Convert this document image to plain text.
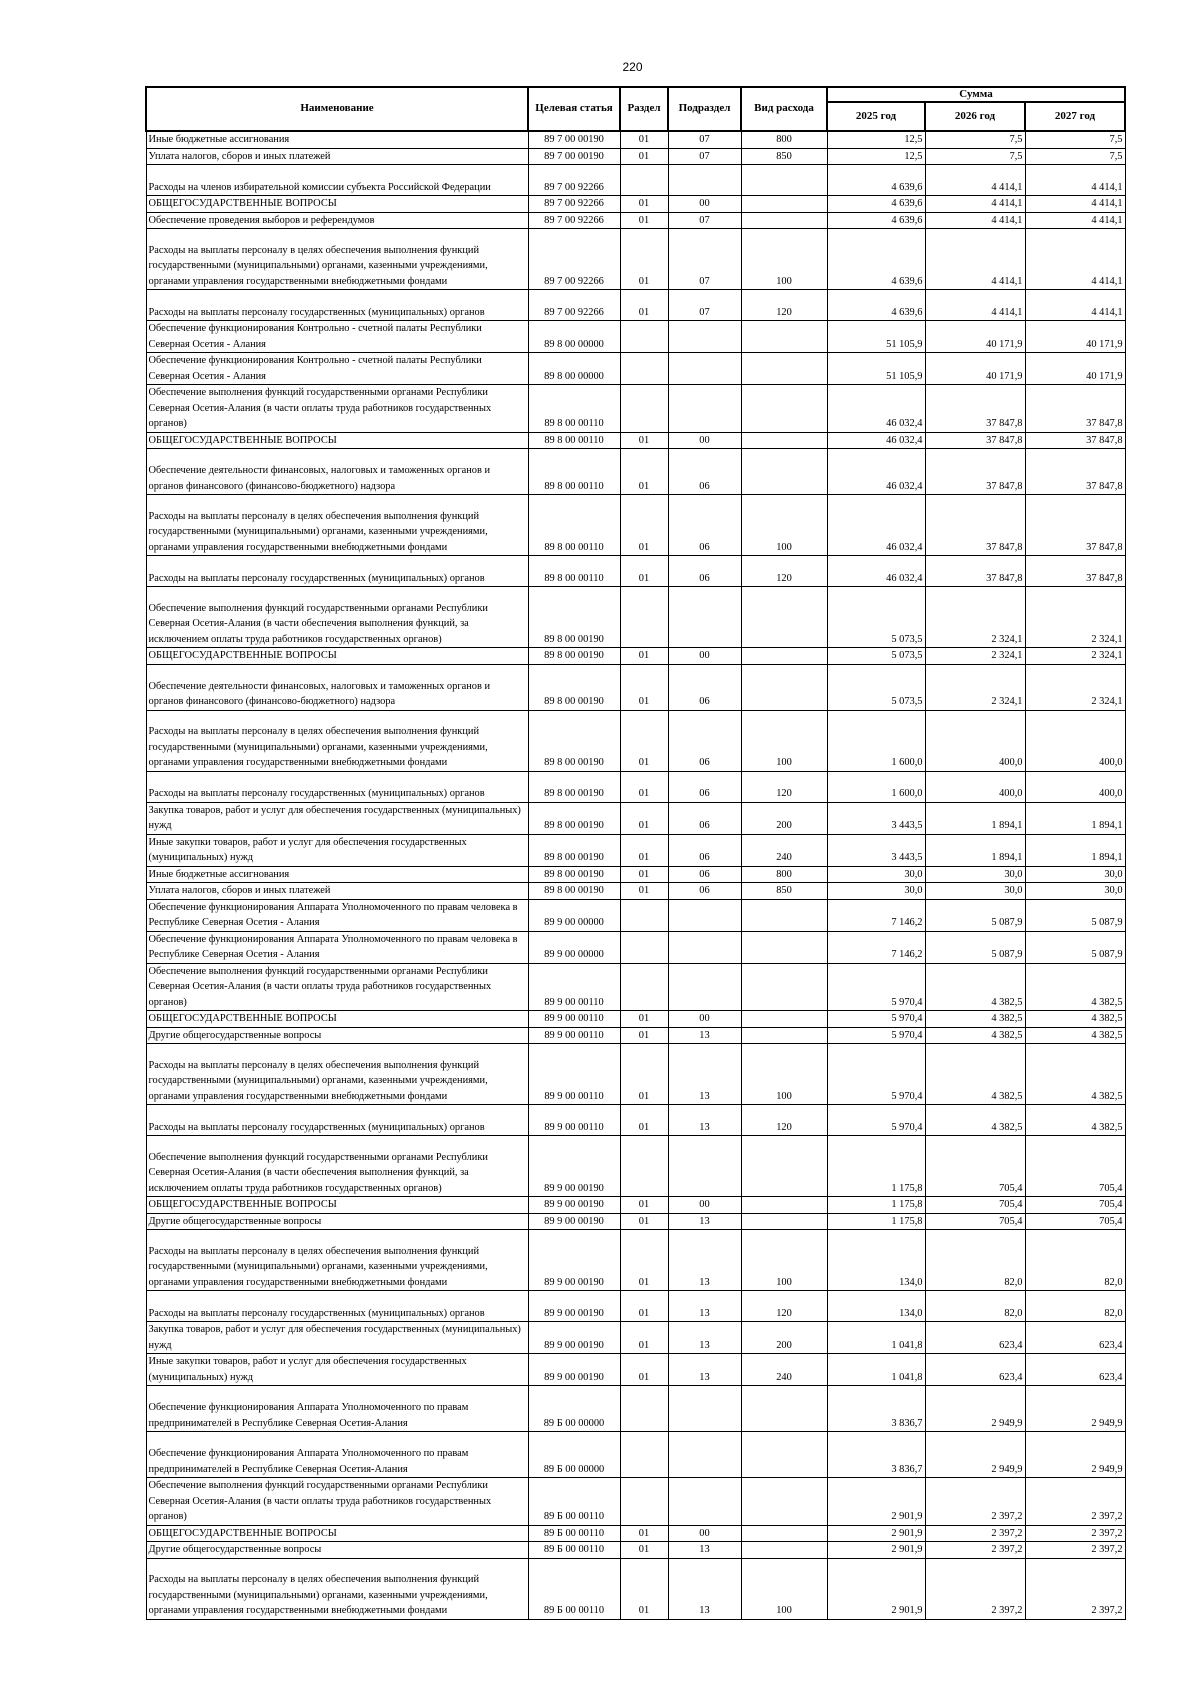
220
Наименование	Целевая статья	Раздел	Подраздел	Вид расхода	Сумма		
					2025 год	2026 год	2027 год
Иные бюджетные ассигнования	89 7 00 00190	01	07	800	12,5	7,5	7,5
Уплата налогов, сборов и иных платежей	89 7 00 00190	01	07	850	12,5	7,5	7,5
Расходы на членов избирательной комиссии субъекта Российской Федерации	89 7 00 92266				4 639,6	4 414,1	4 414,1
ОБЩЕГОСУДАРСТВЕННЫЕ ВОПРОСЫ	89 7 00 92266	01	00		4 639,6	4 414,1	4 414,1
Обеспечение проведения выборов и референдумов	89 7 00 92266	01	07		4 639,6	4 414,1	4 414,1
Расходы на выплаты персоналу в целях обеспечения выполнения функций государственными (муниципальными) органами, казенными учреждениями, органами управления государственными внебюджетными фондами	89 7 00 92266	01	07	100	4 639,6	4 414,1	4 414,1
Расходы на выплаты персоналу государственных (муниципальных) органов	89 7 00 92266	01	07	120	4 639,6	4 414,1	4 414,1
Обеспечение функционирования Контрольно - счетной палаты Республики Северная Осетия - Алания	89 8 00 00000				51 105,9	40 171,9	40 171,9
Обеспечение функционирования Контрольно - счетной палаты Республики Северная Осетия - Алания	89 8 00 00000				51 105,9	40 171,9	40 171,9
Обеспечение выполнения функций государственными органами Республики Северная Осетия-Алания (в части оплаты труда работников государственных органов)	89 8 00 00110				46 032,4	37 847,8	37 847,8
ОБЩЕГОСУДАРСТВЕННЫЕ ВОПРОСЫ	89 8 00 00110	01	00		46 032,4	37 847,8	37 847,8
Обеспечение деятельности финансовых, налоговых и таможенных органов и органов финансового (финансово-бюджетного) надзора	89 8 00 00110	01	06		46 032,4	37 847,8	37 847,8
Расходы на выплаты персоналу в целях обеспечения выполнения функций государственными (муниципальными) органами, казенными учреждениями, органами управления государственными внебюджетными фондами	89 8 00 00110	01	06	100	46 032,4	37 847,8	37 847,8
Расходы на выплаты персоналу государственных (муниципальных) органов	89 8 00 00110	01	06	120	46 032,4	37 847,8	37 847,8
Обеспечение выполнения функций государственными органами Республики Северная Осетия-Алания (в части обеспечения выполнения функций, за исключением оплаты труда работников государственных органов)	89 8 00 00190				5 073,5	2 324,1	2 324,1
ОБЩЕГОСУДАРСТВЕННЫЕ ВОПРОСЫ	89 8 00 00190	01	00		5 073,5	2 324,1	2 324,1
Обеспечение деятельности финансовых, налоговых и таможенных органов и органов финансового (финансово-бюджетного) надзора	89 8 00 00190	01	06		5 073,5	2 324,1	2 324,1
Расходы на выплаты персоналу в целях обеспечения выполнения функций государственными (муниципальными) органами, казенными учреждениями, органами управления государственными внебюджетными фондами	89 8 00 00190	01	06	100	1 600,0	400,0	400,0
Расходы на выплаты персоналу государственных (муниципальных) органов	89 8 00 00190	01	06	120	1 600,0	400,0	400,0
Закупка товаров, работ и услуг для обеспечения государственных (муниципальных) нужд	89 8 00 00190	01	06	200	3 443,5	1 894,1	1 894,1
Иные закупки товаров, работ и услуг для обеспечения государственных (муниципальных) нужд	89 8 00 00190	01	06	240	3 443,5	1 894,1	1 894,1
Иные бюджетные ассигнования	89 8 00 00190	01	06	800	30,0	30,0	30,0
Уплата налогов, сборов и иных платежей	89 8 00 00190	01	06	850	30,0	30,0	30,0
Обеспечение функционирования Аппарата Уполномоченного по правам человека в Республике Северная Осетия - Алания	89 9 00 00000				7 146,2	5 087,9	5 087,9
Обеспечение функционирования Аппарата Уполномоченного по правам человека в Республике Северная Осетия - Алания	89 9 00 00000				7 146,2	5 087,9	5 087,9
Обеспечение выполнения функций государственными органами Республики Северная Осетия-Алания (в части оплаты труда работников государственных органов)	89 9 00 00110				5 970,4	4 382,5	4 382,5
ОБЩЕГОСУДАРСТВЕННЫЕ ВОПРОСЫ	89 9 00 00110	01	00		5 970,4	4 382,5	4 382,5
Другие общегосударственные вопросы	89 9 00 00110	01	13		5 970,4	4 382,5	4 382,5
Расходы на выплаты персоналу в целях обеспечения выполнения функций государственными (муниципальными) органами, казенными учреждениями, органами управления государственными внебюджетными фондами	89 9 00 00110	01	13	100	5 970,4	4 382,5	4 382,5
Расходы на выплаты персоналу государственных (муниципальных) органов	89 9 00 00110	01	13	120	5 970,4	4 382,5	4 382,5
Обеспечение выполнения функций государственными органами Республики Северная Осетия-Алания (в части обеспечения выполнения функций, за исключением оплаты труда работников государственных органов)	89 9 00 00190				1 175,8	705,4	705,4
ОБЩЕГОСУДАРСТВЕННЫЕ ВОПРОСЫ	89 9 00 00190	01	00		1 175,8	705,4	705,4
Другие общегосударственные вопросы	89 9 00 00190	01	13		1 175,8	705,4	705,4
Расходы на выплаты персоналу в целях обеспечения выполнения функций государственными (муниципальными) органами, казенными учреждениями, органами управления государственными внебюджетными фондами	89 9 00 00190	01	13	100	134,0	82,0	82,0
Расходы на выплаты персоналу государственных (муниципальных) органов	89 9 00 00190	01	13	120	134,0	82,0	82,0
Закупка товаров, работ и услуг для обеспечения государственных (муниципальных) нужд	89 9 00 00190	01	13	200	1 041,8	623,4	623,4
Иные закупки товаров, работ и услуг для обеспечения государственных (муниципальных) нужд	89 9 00 00190	01	13	240	1 041,8	623,4	623,4
Обеспечение функционирования Аппарата Уполномоченного по правам предпринимателей в Республике Северная Осетия-Алания	89 Б 00 00000				3 836,7	2 949,9	2 949,9
Обеспечение функционирования Аппарата Уполномоченного по правам предпринимателей в Республике Северная Осетия-Алания	89 Б 00 00000				3 836,7	2 949,9	2 949,9
Обеспечение выполнения функций государственными органами Республики Северная Осетия-Алания (в части оплаты труда работников государственных органов)	89 Б 00 00110				2 901,9	2 397,2	2 397,2
ОБЩЕГОСУДАРСТВЕННЫЕ ВОПРОСЫ	89 Б 00 00110	01	00		2 901,9	2 397,2	2 397,2
Другие общегосударственные вопросы	89 Б 00 00110	01	13		2 901,9	2 397,2	2 397,2
Расходы на выплаты персоналу в целях обеспечения выполнения функций государственными (муниципальными) органами, казенными учреждениями, органами управления государственными внебюджетными фондами	89 Б 00 00110	01	13	100	2 901,9	2 397,2	2 397,2
